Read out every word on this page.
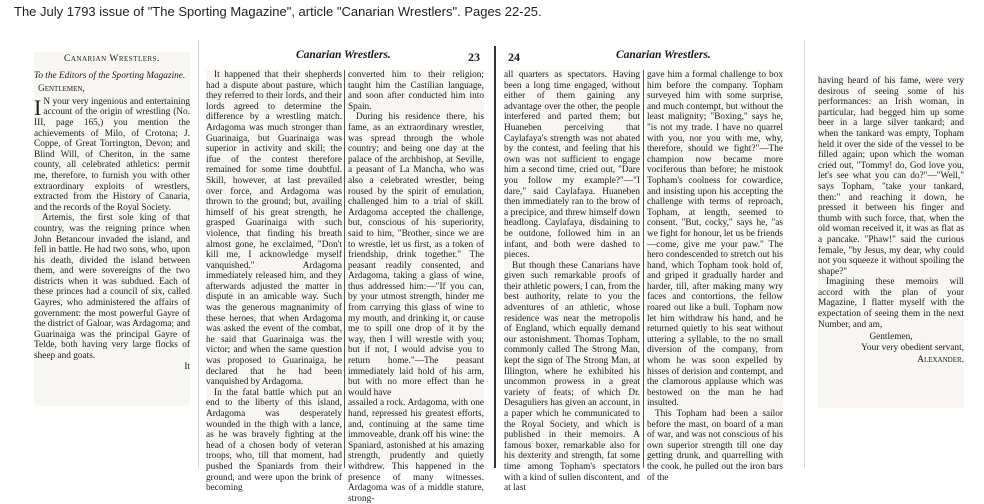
The July 1793 issue of "The Sporting Magazine", article "Canarian Wrestlers". Pages 22-25.
Canarian Wrestlers.

To the Editors of the Sporting Magazine.

Gentlemen,

I N your very ingenious and entertaining account of the origin of wrestling (No. III, page 165,) you mention the achievements of Milo, of Crotona; J. Coppe, of Great Torrington, Devon; and Blind Will, of Cheriton, in the same county, all celebrated athletics: permit me, therefore, to furnish you with other extraordinary exploits of wrestlers, extracted from the History of Canaria, and the records of the Royal Society.

Artemis, the first sole king of that country, was the reigning prince when John Betancour invaded the island, and fell in battle. He had two sons, who, upon his death, divided the island between them, and were sovereigns of the two districts when it was subdued. Each of these princes had a council of six, called Gayres, who administered the affairs of government: the most powerful Gayre of the district of Galoar, was Ardagoma; and Guarinaiga was the principal Gayre of Telde, both having very large flocks of sheep and goats.

It

Canarian Wrestlers.	23

It happened that their shepherds had a dispute about pasture, which they referred to their lords, and their lords agreed to determine the difference by a wrestling match. Ardagoma was much stronger than Guarinaiga, but Guarinaiga was superior in activity and skill; the ifue of the contest therefore remained for some time doubtful. Skill, however, at last prevailed over force, and Ardagoma was thrown to the ground; but, availing himself of his great strength, he grasped Guarinaiga with such violence, that finding his breath almost gone, he exclaimed, "Don't kill me, I acknowledge myself vanquished." Ardagoma immediately released him, and they afterwards adjusted the matter in dispute in an amicable way. Such was the generous magnanimity of these heroes, that when Ardagoma was asked the event of the combat, he said that Guarinaiga was the victor; and when the same question was proposed to Guarinaiga, he declared that he had been vanquished by Ardagoma.

In the fatal battle which put an end to the liberty of this island, Ardagoma was desperately wounded in the thigh with a lance, as he was bravely fighting at the head of a chosen body of veteran troops, who, till that moment, had pushed the Spaniards from their ground, and were upon the brink of becoming

converted him to their religion; taught him the Castilian language, and soon after conducted him into Spain.

During his residence there, his fame, as an extraordinary wrestler, was spread through the whole country; and being one day at the palace of the archbishop, at Seville, a peasant of La Mancha, who was also a celebrated wrestler, being roused by the spirit of emulation, challenged him to a trial of skill. Ardagoma accepted the challenge, but, conscious of his superiority, said to him, "Brother, since we are to wrestle, let us first, as a token of friendship, drink together." The peasant readily consented, and Ardagoma, taking a glass of wine, thus addressed him:—"If you can, by your utmost strength, hinder me from carrying this glass of wine to my mouth, and drinking it, or cause me to spill one drop of it by the way, then I will wrestle with you; but if not, I would advise you to return home."—The peasant immediately laid hold of his arm, but with no more effect than he would have

assailed a rock. Ardagoma, with one hand, repressed his greatest efforts, and, continuing at the same time immoveable, drank off his wine: the Spaniard, astonished at his amazing strength, prudently and quietly withdrew. This happened in the presence of many witnesses. Ardagoma was of a middle stature, strong-

24	Canarian Wrestlers.

all quarters as spectators. Having been a long time engaged, without either of them gaining any advantage over the other, the people interfered and parted them; but Huaneben perceiving that Caylafaya's strength was not abated by the contest, and feeling that his own was not sufficient to engage him a second time, cried out, "Dare you follow my example?"—"I dare," said Caylafaya. Huaneben then immediately ran to the brow of a precipice, and threw himself down headlong. Caylafaya, disdaining to be outdone, followed him in an infant, and both were dashed to pieces.

But though these Canarians have given such remarkable proofs of their athletic powers, I can, from the best authority, relate to you the adventures of an athletic, whose residence was near the metropolis of England, which equally demand our astonishment. Thomas Topham, commonly called The Strong Man, kept the sign of The Strong Man, at Illington, where he exhibited his uncommon prowess in a great variety of feats; of which Dr. Desaguliers has given an account, in a paper which he communicated to the Royal Society, and which is published in their memoirs. A famous boxer, remarkable also for his dexterity and strength, fat some time among Topham's spectators with a kind of sullen discontent, and at last

gave him a formal challenge to box him before the company. Topham surveyed him with some surprise, and much contempt, but without the least malignity; "Boxing," says he, "is not my trade. I have no quarrel with you, nor you with me, why, therefore, should we fight?"—The champion now became more vociferous than before; he mistook Topham's coolness for cowardice, and insisting upon his accepting the challenge with terms of reproach, Topham, at length, seemed to consent. "But, cocky," says he, "as we fight for honour, let us be friends—come, give me your paw." The hero condescended to stretch out his hand, which Topham took hold of, and griped it gradually harder and harder, till, after making many wry faces and contortions, the fellow roared out like a bull. Topham now let him withdraw his hand, and he returned quietly to his seat without uttering a syllable, to the no small diversion of the company, from whom he was soon expelled by hisses of derision and contempt, and the clamorous applause which was bestowed on the man he had insulted.

This Topham had been a sailor before the mast, on board of a man of war, and was not conscious of his own superior strength till one day getting drunk, and quarrelling with the cook, he pulled out the iron bars of the

having heard of his fame, were very desirous of seeing some of his performances: an Irish woman, in particular, had begged him up some beer in a large silver tankard; and when the tankard was empty, Topham held it over the side of the vessel to be filled again; upon which the woman cried out, "Tommy! do, God love you, let's see what you can do?"—"Well," says Topham, "take your tankard, then:" and reaching it down, he pressed it between his finger and thumb with such force, that, when the old woman received it, it was as flat as a pancake. "Phaw!" said the curious female, "by Jesus, my dear, why could not you squeeze it without spoiling the shape?"

Imagining these memoirs will accord with the plan of your Magazine, I flatter myself with the expectation of seeing them in the next Number, and am,

Gentlemen,

Your very obedient servant,

Alexander.
